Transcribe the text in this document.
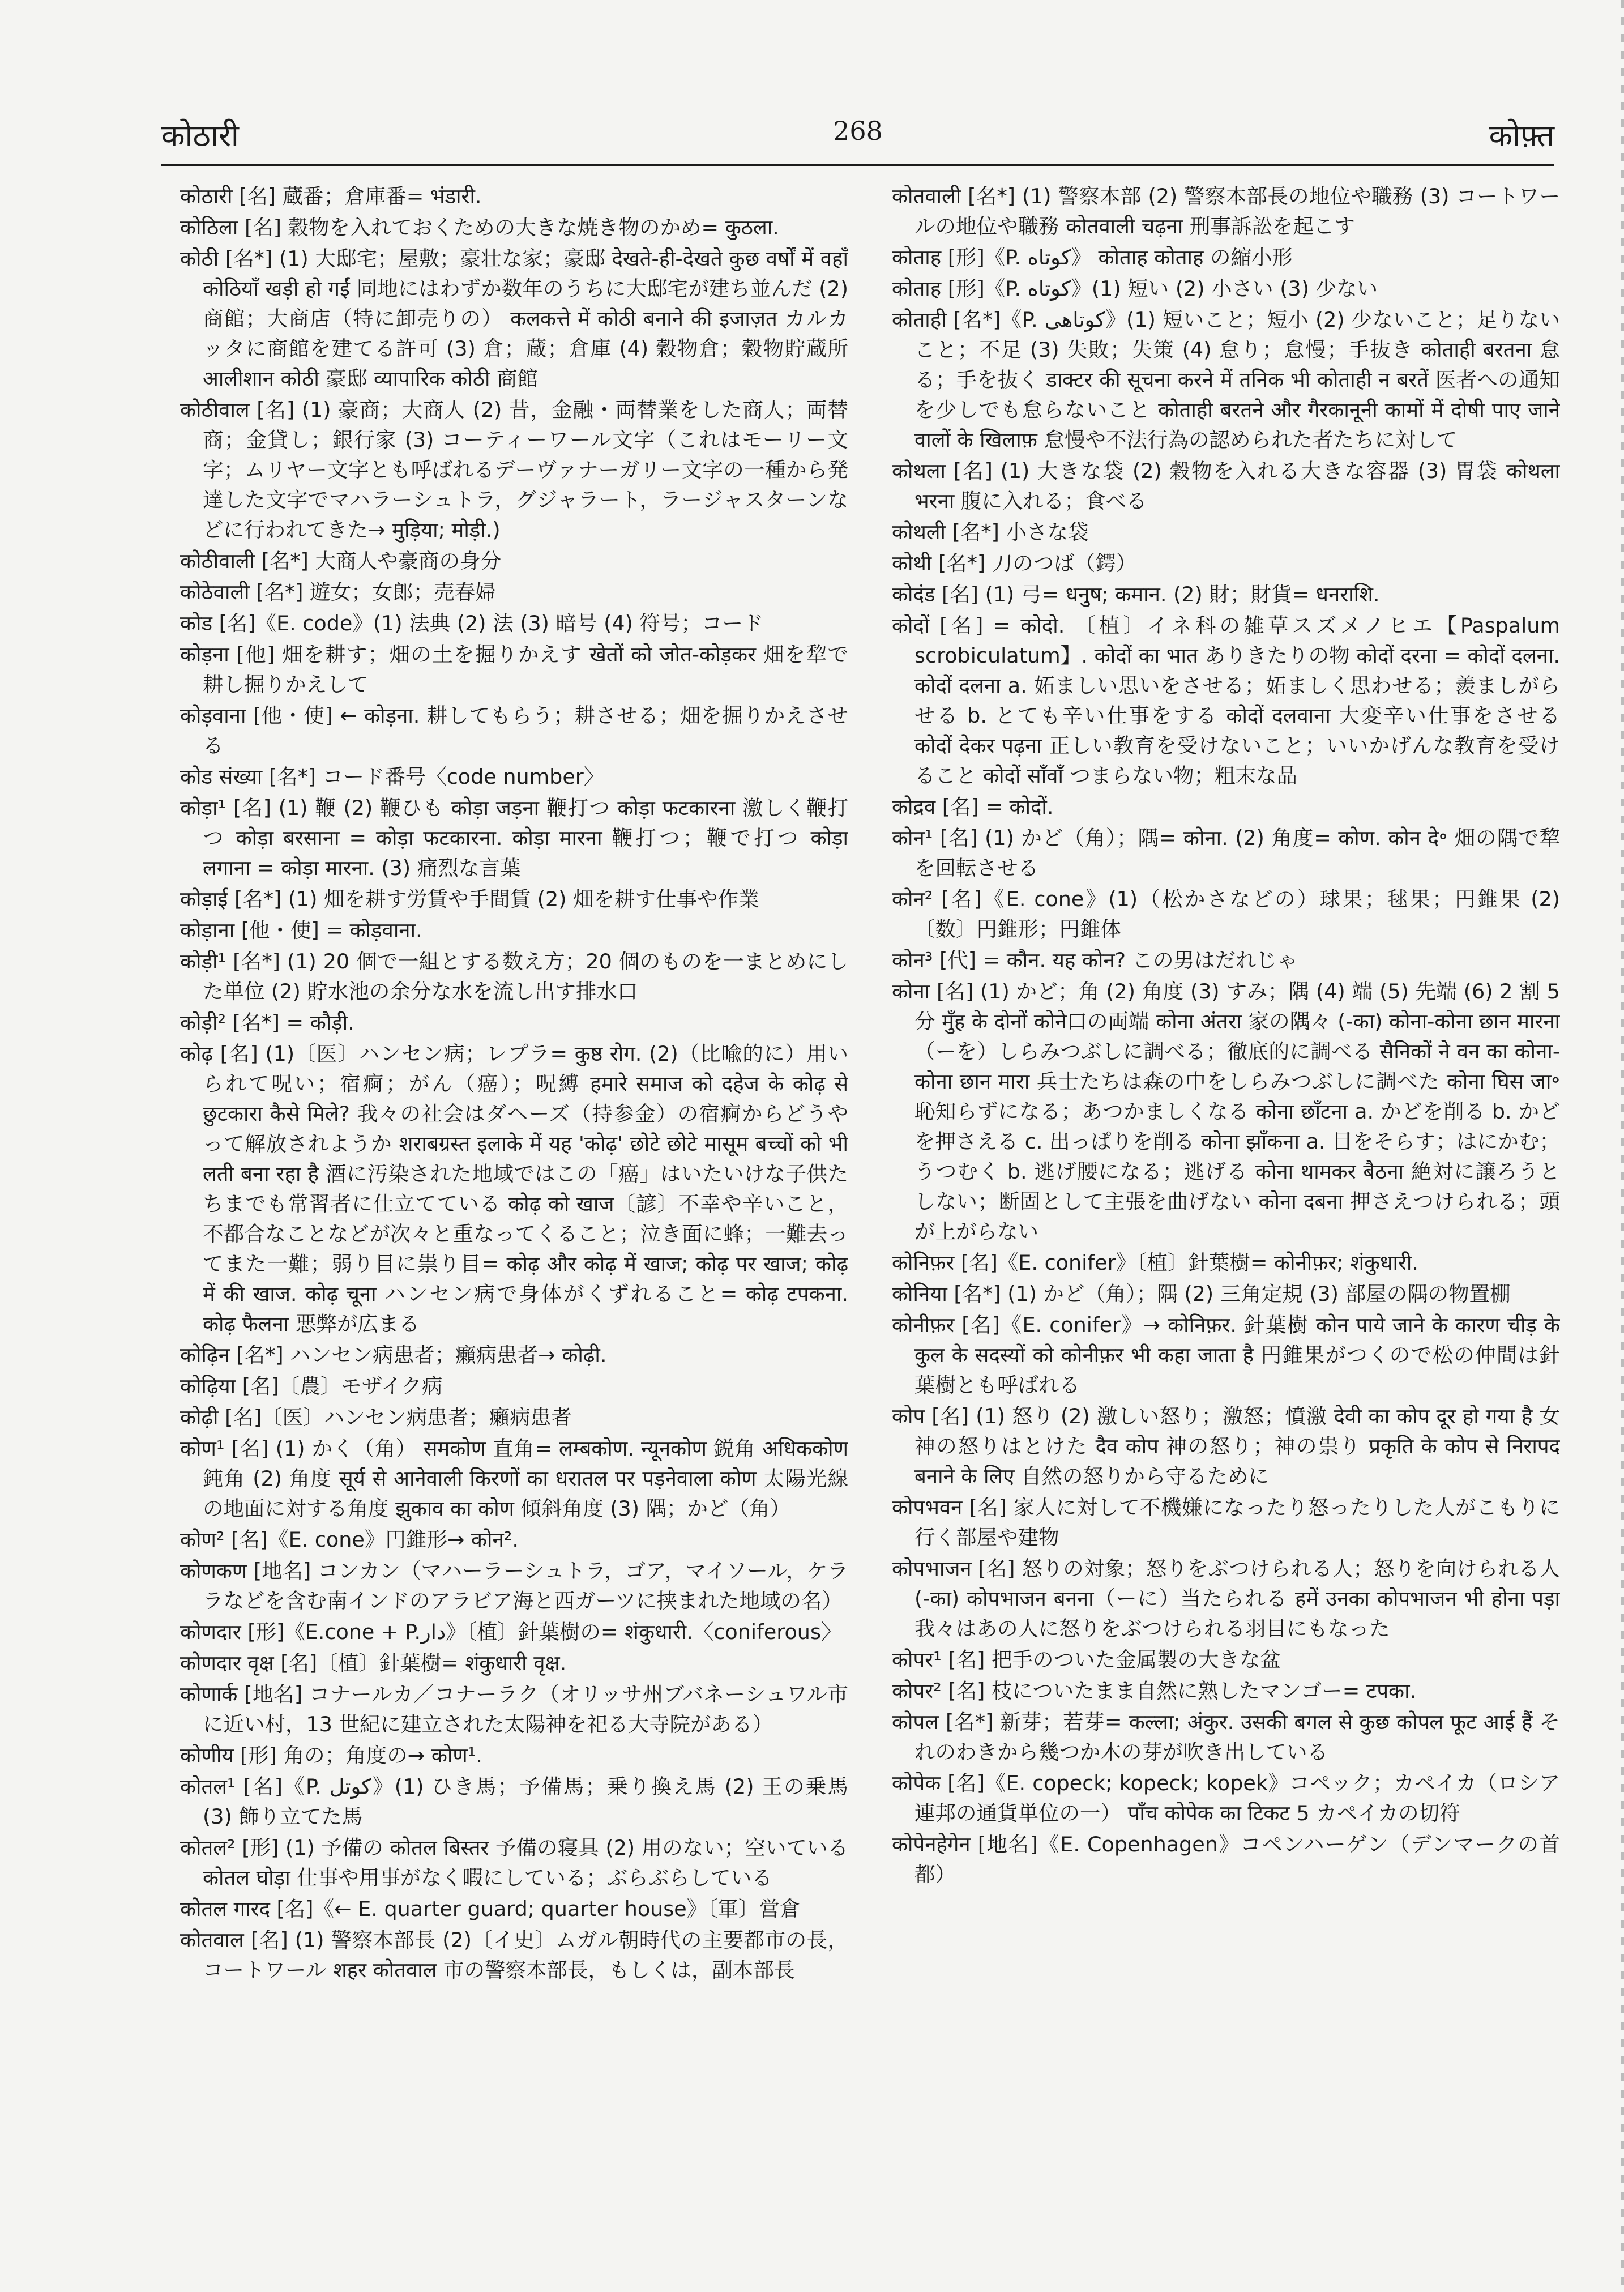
कोठारी	268	कोफ़्त

कोठारी [名] 蔵番；倉庫番= भंडारी.

कोठिला [名] 穀物を入れておくための大きな焼き物のかめ= कुठला.

कोठी [名*] (1) 大邸宅；屋敷；豪壮な家；豪邸 देखते-ही-देखते कुछ वर्षों में वहाँ कोठियाँ खड़ी हो गईं 同地にはわずか数年のうちに大邸宅が建ち並んだ (2) 商館；大商店（特に卸売りの） कलकत्ते में कोठी बनाने की इजाज़त カルカッタに商館を建てる許可 (3) 倉；蔵；倉庫 (4) 穀物倉；穀物貯蔵所 आलीशान कोठी 豪邸 व्यापारिक कोठी 商館

कोठीवाल [名] (1) 豪商；大商人 (2) 昔，金融・両替業をした商人；両替商；金貸し；銀行家 (3) コーティーワール文字（これはモーリー文字；ムリヤー文字とも呼ばれるデーヴァナーガリー文字の一種から発達した文字でマハラーシュトラ，グジャラート，ラージャスターンなどに行われてきた→ मुड़िया; मोड़ी.)

कोठीवाली [名*] 大商人や豪商の身分

कोठेवाली [名*] 遊女；女郎；売春婦

कोड [名]《E. code》(1) 法典 (2) 法 (3) 暗号 (4) 符号；コード

कोड़ना [他] 畑を耕す；畑の土を掘りかえす खेतों को जोत-कोड़कर 畑を犂で耕し掘りかえして

कोड़वाना [他・使] ← कोड़ना. 耕してもらう；耕させる；畑を掘りかえさせる

कोड संख्या [名*] コード番号〈code number〉

कोड़ा¹ [名] (1) 鞭 (2) 鞭ひも कोड़ा जड़ना 鞭打つ कोड़ा फटकारना 激しく鞭打つ कोड़ा बरसाना = कोड़ा फटकारना. कोड़ा मारना 鞭打つ；鞭で打つ कोड़ा लगाना = कोड़ा मारना. (3) 痛烈な言葉

कोड़ाई [名*] (1) 畑を耕す労賃や手間賃 (2) 畑を耕す仕事や作業

कोड़ाना [他・使] = कोड़वाना.

कोड़ी¹ [名*] (1) 20 個で一組とする数え方；20 個のものを一まとめにした単位 (2) 貯水池の余分な水を流し出す排水口

कोड़ी² [名*] = कौड़ी.

कोढ़ [名] (1)〔医〕ハンセン病；レプラ= कुष्ठ रोग. (2)（比喩的に）用いられて呪い；宿痾；がん（癌）；呪縛 हमारे समाज को दहेज के कोढ़ से छुटकारा कैसे मिले? 我々の社会はダヘーズ（持参金）の宿痾からどうやって解放されようか शराबग्रस्त इलाके में यह 'कोढ़' छोटे छोटे मासूम बच्चों को भी लती बना रहा है 酒に汚染された地域ではこの「癌」はいたいけな子供たちまでも常習者に仕立てている कोढ़ को खाज〔諺〕不幸や辛いこと，不都合なことなどが次々と重なってくること；泣き面に蜂；一難去ってまた一難；弱り目に祟り目= कोढ़ और कोढ़ में खाज; कोढ़ पर खाज; कोढ़ में की खाज. कोढ़ चूना ハンセン病で身体がくずれること= कोढ़ टपकना. कोढ़ फैलना 悪弊が広まる

कोढ़िन [名*] ハンセン病患者；癩病患者→ कोढ़ी.

कोढ़िया [名]〔農〕モザイク病

कोढ़ी [名]〔医〕ハンセン病患者；癩病患者

कोण¹ [名] (1) かく（角） समकोण 直角= लम्बकोण. न्यूनकोण 鋭角 अधिककोण 鈍角 (2) 角度 सूर्य से आनेवाली किरणों का धरातल पर पड़नेवाला कोण 太陽光線の地面に対する角度 झुकाव का कोण 傾斜角度 (3) 隅；かど（角）

कोण² [名]《E. cone》円錐形→ कोन².

कोणकण [地名] コンカン（マハーラーシュトラ，ゴア，マイソール，ケララなどを含む南インドのアラビア海と西ガーツに挟まれた地域の名）

कोणदार [形]《E.cone + P.دار》〔植〕針葉樹の= शंकुधारी.〈coniferous〉

कोणदार वृक्ष [名]〔植〕針葉樹= शंकुधारी वृक्ष.

कोणार्क [地名] コナールカ／コナーラク（オリッサ州ブバネーシュワル市に近い村，13 世紀に建立された太陽神を祀る大寺院がある）

कोणीय [形] 角の；角度の→ कोण¹.

कोतल¹ [名]《P. کوتل》(1) ひき馬；予備馬；乗り換え馬 (2) 王の乗馬 (3) 飾り立てた馬

कोतल² [形] (1) 予備の कोतल बिस्तर 予備の寝具 (2) 用のない；空いている कोतल घोड़ा 仕事や用事がなく暇にしている；ぶらぶらしている

कोतल गारद [名]《← E. quarter guard; quarter house》〔軍〕営倉

कोतवाल [名] (1) 警察本部長 (2)〔イ史〕ムガル朝時代の主要都市の長，コートワール शहर कोतवाल 市の警察本部長，もしくは，副本部長

कोतवाली [名*] (1) 警察本部 (2) 警察本部長の地位や職務 (3) コートワールの地位や職務 कोतवाली चढ़ना 刑事訴訟を起こす

कोताह [形]《P. کوتاه》 कोताह कोताह の縮小形

कोताह [形]《P. کوتاه》(1) 短い (2) 小さい (3) 少ない

कोताही [名*]《P. کوتاهی》(1) 短いこと；短小 (2) 少ないこと；足りないこと；不足 (3) 失敗；失策 (4) 怠り；怠慢；手抜き कोताही बरतना 怠る；手を抜く डाक्टर की सूचना करने में तनिक भी कोताही न बरतें 医者への通知を少しでも怠らないこと कोताही बरतने और गैरकानूनी कामों में दोषी पाए जाने वालों के खिलाफ़ 怠慢や不法行為の認められた者たちに対して

कोथला [名] (1) 大きな袋 (2) 穀物を入れる大きな容器 (3) 胃袋 कोथला भरना 腹に入れる；食べる

कोथली [名*] 小さな袋

कोथी [名*] 刀のつば（鍔）

कोदंड [名] (1) 弓= धनुष; कमान. (2) 財；財貨= धनराशि.

कोदों [名] = कोदो. 〔植〕イネ科の雑草スズメノヒエ【Paspalum scrobiculatum】. कोदों का भात ありきたりの物 कोदों दरना = कोदों दलना. कोदों दलना a. 妬ましい思いをさせる；妬ましく思わせる；羨ましがらせる b. とても辛い仕事をする कोदों दलवाना 大変辛い仕事をさせる कोदों देकर पढ़ना 正しい教育を受けないこと；いいかげんな教育を受けること कोदों साँवाँ つまらない物；粗末な品

कोद्रव [名] = कोदों.

कोन¹ [名] (1) かど（角）；隅= कोना. (2) 角度= कोण. कोन दे॰ 畑の隅で犂を回転させる

कोन² [名]《E. cone》(1)（松かさなどの）球果；毬果；円錐果 (2)〔数〕円錐形；円錐体

कोन³ [代] = कौन. यह कोन? この男はだれじゃ

कोना [名] (1) かど；角 (2) 角度 (3) すみ；隅 (4) 端 (5) 先端 (6) 2 割 5 分 मुँह के दोनों कोने口の両端 कोना अंतरा 家の隅々 (-का) कोना-कोना छान मारना（ーを）しらみつぶしに調べる；徹底的に調べる सैनिकों ने वन का कोना-कोना छान मारा 兵士たちは森の中をしらみつぶしに調べた कोना घिस जा॰ 恥知らずになる；あつかましくなる कोना छाँटना a. かどを削る b. かどを押さえる c. 出っぱりを削る कोना झाँकना a. 目をそらす；はにかむ；うつむく b. 逃げ腰になる；逃げる कोना थामकर बैठना 絶対に譲ろうとしない；断固として主張を曲げない कोना दबना 押さえつけられる；頭が上がらない

कोनिफ़र [名]《E. conifer》〔植〕針葉樹= कोनीफ़र; शंकुधारी.

कोनिया [名*] (1) かど（角）；隅 (2) 三角定規 (3) 部屋の隅の物置棚

कोनीफ़र [名]《E. conifer》→ कोनिफ़र. 針葉樹 कोन पाये जाने के कारण चीड़ के कुल के सदस्यों को कोनीफ़र भी कहा जाता है 円錐果がつくので松の仲間は針葉樹とも呼ばれる

कोप [名] (1) 怒り (2) 激しい怒り；激怒；憤激 देवी का कोप दूर हो गया है 女神の怒りはとけた दैव कोप 神の怒り；神の祟り प्रकृति के कोप से निरापद बनाने के लिए 自然の怒りから守るために

कोपभवन [名] 家人に対して不機嫌になったり怒ったりした人がこもりに行く部屋や建物

कोपभाजन [名] 怒りの対象；怒りをぶつけられる人；怒りを向けられる人 (-का) कोपभाजन बनना（ーに）当たられる हमें उनका कोपभाजन भी होना पड़ा 我々はあの人に怒りをぶつけられる羽目にもなった

कोपर¹ [名] 把手のついた金属製の大きな盆

कोपर² [名] 枝についたまま自然に熟したマンゴー= टपका.

कोपल [名*] 新芽；若芽= कल्ला; अंकुर. उसकी बगल से कुछ कोपल फूट आई हैं それのわきから幾つか木の芽が吹き出している

कोपेक [名]《E. copeck; kopeck; kopek》コペック；カペイカ（ロシア連邦の通貨単位の一） पाँच कोपेक का टिकट 5 カペイカの切符

कोपेनहेगेन [地名]《E. Copenhagen》コペンハーゲン（デンマークの首都）
